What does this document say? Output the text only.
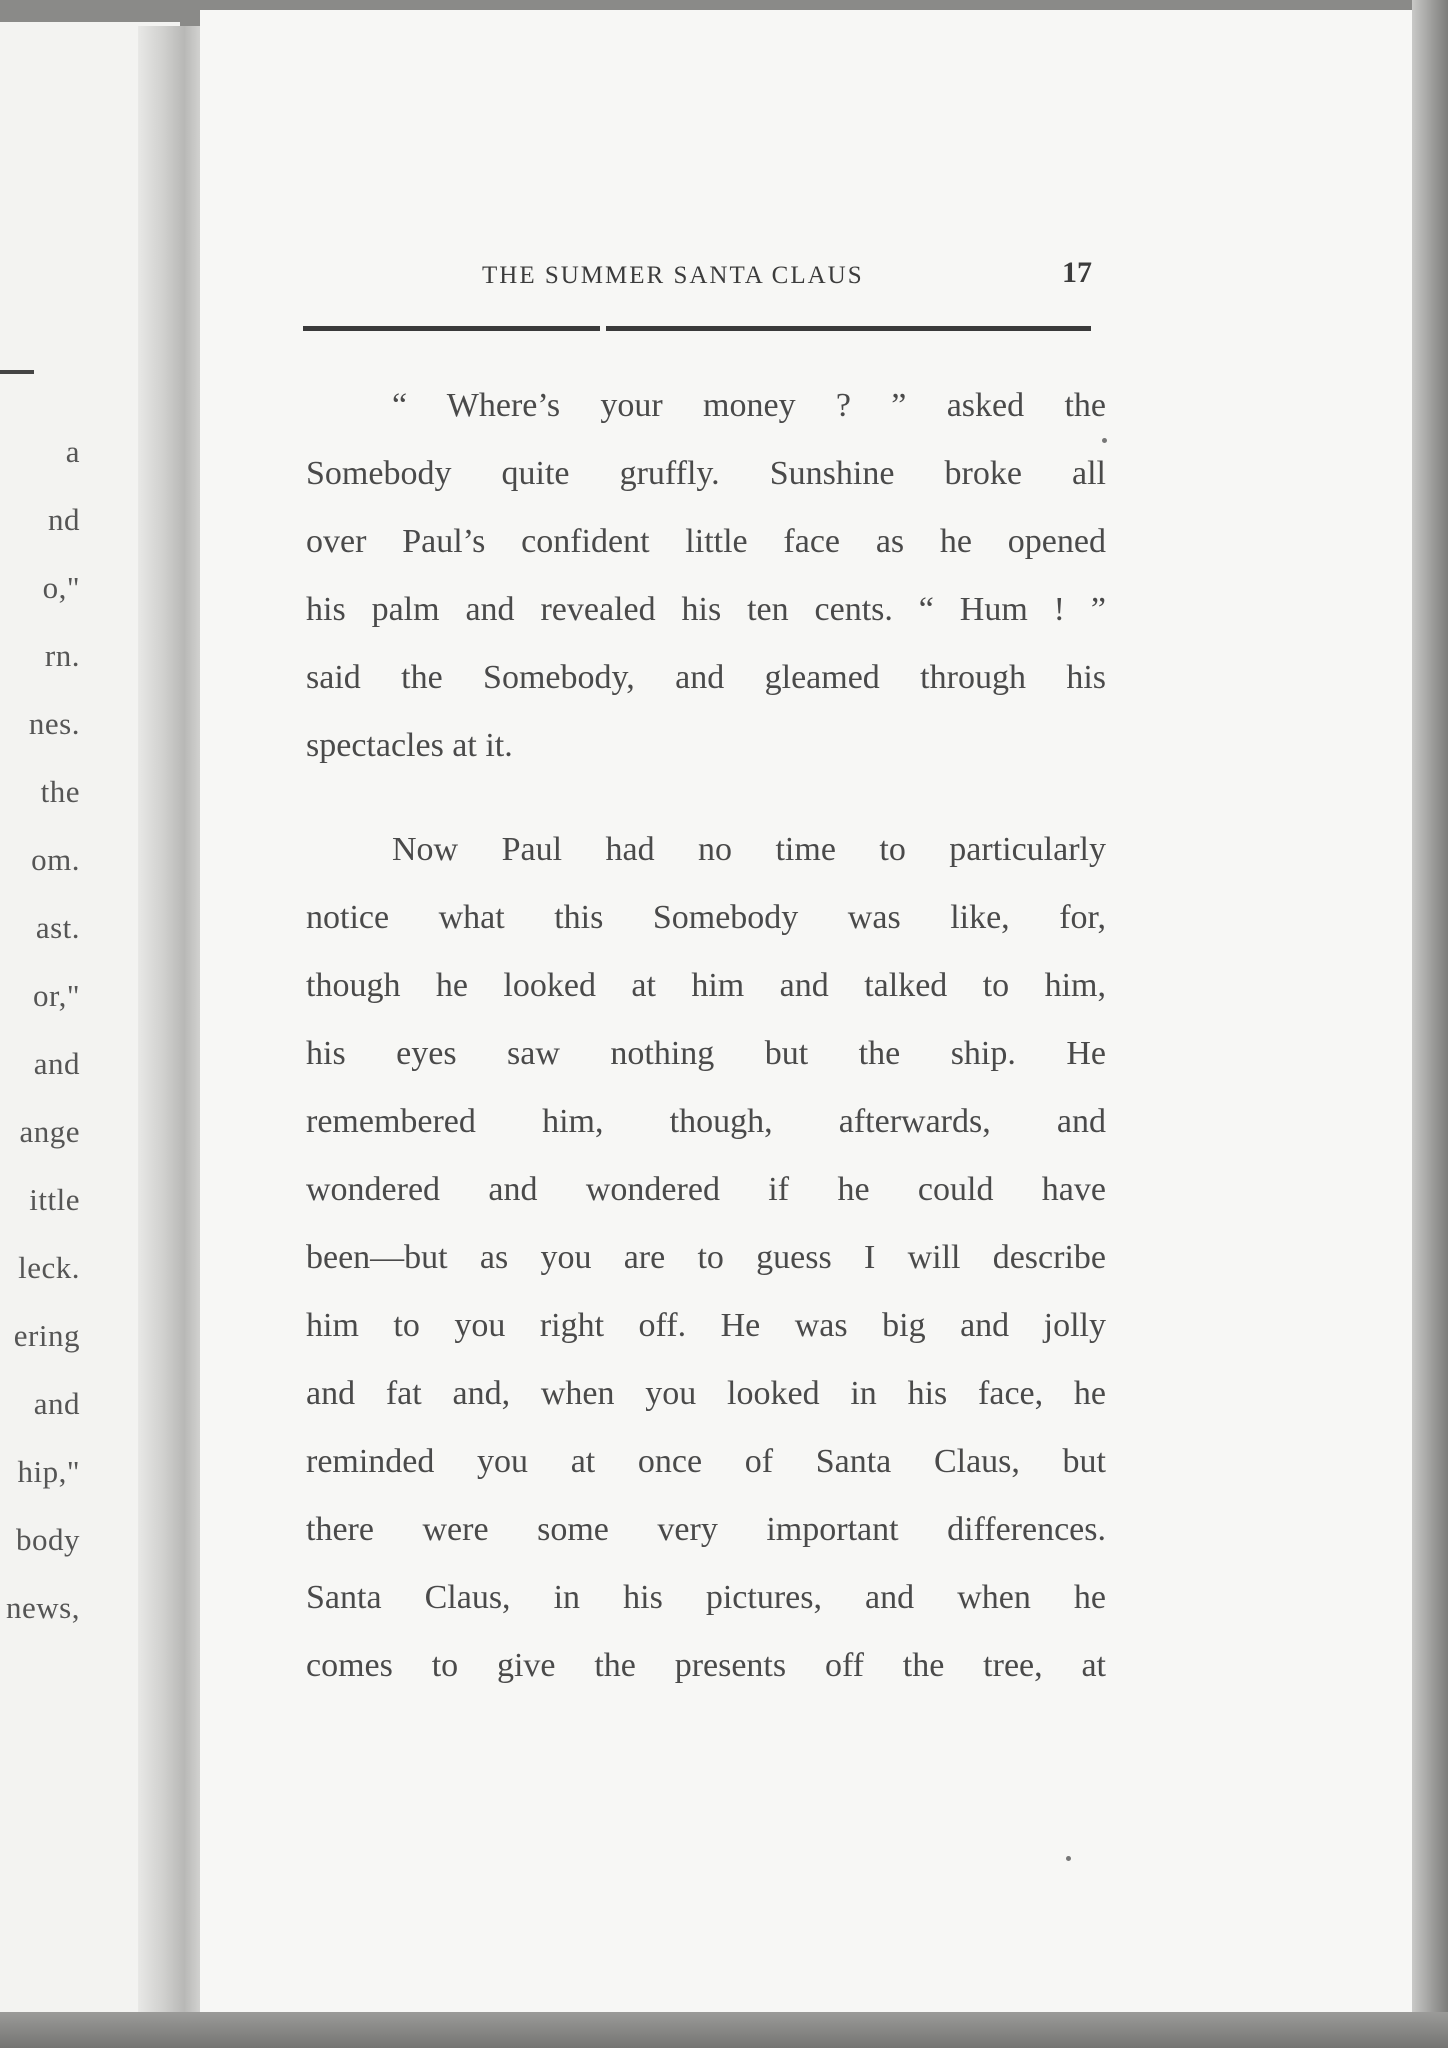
a
nd
o,"
rn.
nes.
the
om.
ast.
or,"
and
ange
ittle
leck.
ering
and
hip,"
body
news,
THE SUMMER SANTA CLAUS	17
“ Where’s your money ? ” asked the
Somebody quite gruffly. Sunshine broke all
over Paul’s confident little face as he opened
his palm and revealed his ten cents. “ Hum ! ”
said the Somebody, and gleamed through his
spectacles at it.
Now Paul had no time to particularly
notice what this Somebody was like, for,
though he looked at him and talked to him,
his eyes saw nothing but the ship. He
remembered him, though, afterwards, and
wondered and wondered if he could have
been—but as you are to guess I will describe
him to you right off. He was big and jolly
and fat and, when you looked in his face, he
reminded you at once of Santa Claus, but
there were some very important differences.
Santa Claus, in his pictures, and when he
comes to give the presents off the tree, at
